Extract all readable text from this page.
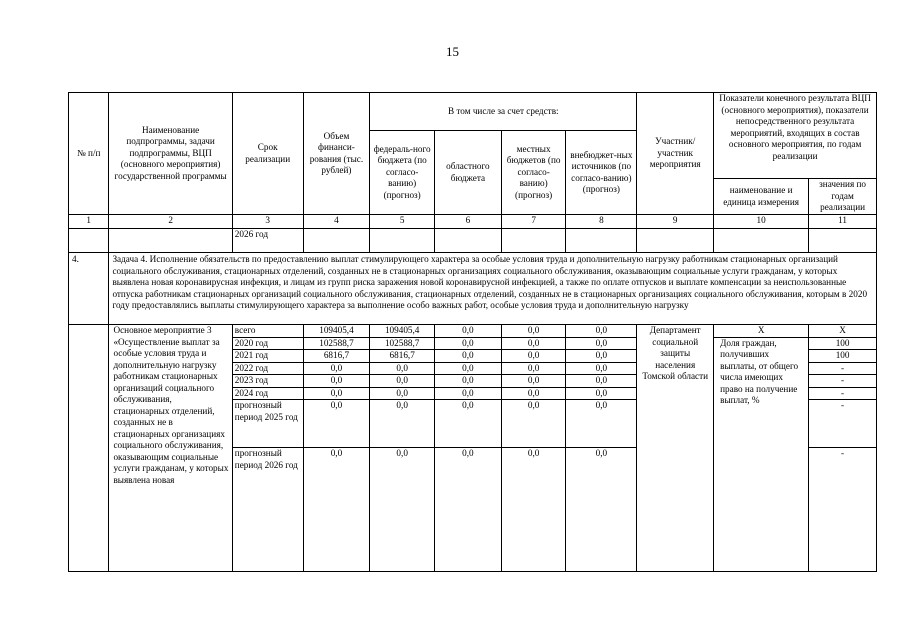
15
№ п/п	Наименование подпрограммы, задачи подпрограммы, ВЦП (основного мероприятия) государственной программы	Срок реализации	Объем финанси-рования (тыс. рублей)	В том числе за счет средств:				Участник/ участник мероприятия	Показатели конечного результата ВЦП (основного мероприятия), показатели непосредственного результата мероприятий, входящих в состав основного мероприятия, по годам реализации	
				федераль-ного бюджета (по согласо-ванию) (прогноз)	областного бюджета	местных бюджетов (по согласо-ванию) (прогноз)	внебюджет-ных источников (по согласо-ванию) (прогноз)			
									наименование и единица измерения	значения по годам реализации
1	2	3	4	5	6	7	8	9	10	11
		2026 год								
4.	Задача 4. Исполнение обязательств по предоставлению выплат стимулирующего характера за особые условия труда и дополнительную нагрузку работникам стационарных организаций социального обслуживания, стационарных отделений, созданных не в стационарных организациях социального обслуживания, оказывающим социальные услуги гражданам, у которых выявлена новая коронавирусная инфекция, и лицам из групп риска заражения новой коронавирусной инфекцией, а также по оплате отпусков и выплате компенсации за неиспользованные отпуска работникам стационарных организаций социального обслуживания, стационарных отделений, созданных не в стационарных организациях социального обслуживания, которым в 2020 году предоставлялись выплаты стимулирующего характера за выполнение особо важных работ, особые условия труда и дополнительную нагрузку									
	Основное мероприятие 3 «Осуществление выплат за особые условия труда и дополнительную нагрузку работникам стационарных организаций социального обслуживания, стационарных отделений, созданных не в стационарных организациях социального обслуживания, оказывающим социальные услуги гражданам, у которых выявлена новая	всего	109405,4	109405,4	0,0	0,0	0,0	Департамент социальной защиты населения Томской области	Х	Х
		2020 год	102588,7	102588,7	0,0	0,0	0,0		Доля граждан, получивших выплаты, от общего числа имеющих право на получение выплат, %	100
		2021 год	6816,7	6816,7	0,0	0,0	0,0			100
		2022 год	0,0	0,0	0,0	0,0	0,0			-
		2023 год	0,0	0,0	0,0	0,0	0,0			-
		2024 год	0,0	0,0	0,0	0,0	0,0			-
		прогнозный период 2025 год	0,0	0,0	0,0	0,0	0,0			-
		прогнозный период 2026 год	0,0	0,0	0,0	0,0	0,0			-
